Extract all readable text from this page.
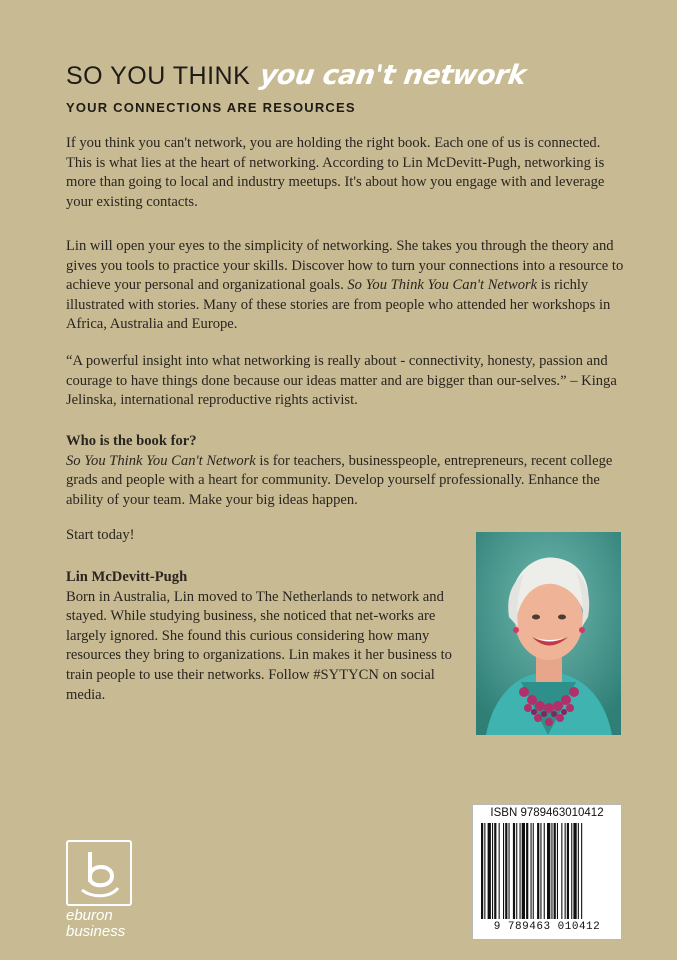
SO YOU THINK you can't network
YOUR CONNECTIONS ARE RESOURCES

If you think you can't network, you are holding the right book. Each one of us is connected. This is what lies at the heart of networking. According to Lin McDevitt-Pugh, networking is more than going to local and industry meetups. It's about how you engage with and leverage your existing contacts.

Lin will open your eyes to the simplicity of networking. She takes you through the theory and gives you tools to practice your skills. Discover how to turn your connections into a resource to achieve your personal and organizational goals. So You Think You Can't Network is richly illustrated with stories. Many of these stories are from people who attended her workshops in Africa, Australia and Europe.

“A powerful insight into what networking is really about - connectivity, honesty, passion and courage to have things done because our ideas matter and are bigger than our-selves.” – Kinga Jelinska, international reproductive rights activist.

Who is the book for?
So You Think You Can't Network is for teachers, businesspeople, entrepreneurs, recent college grads and people with a heart for community. Develop yourself professionally. Enhance the ability of your team. Make your big ideas happen.

Start today!

Lin McDevitt-Pugh
Born in Australia, Lin moved to The Netherlands to network and stayed. While studying business, she noticed that net-works are largely ignored. She found this curious considering how many resources they bring to organizations. Lin makes it her business to train people to use their networks. Follow #SYTYCN on social media.

ISBN 9789463010412
9 789463 010412
eburon
business
